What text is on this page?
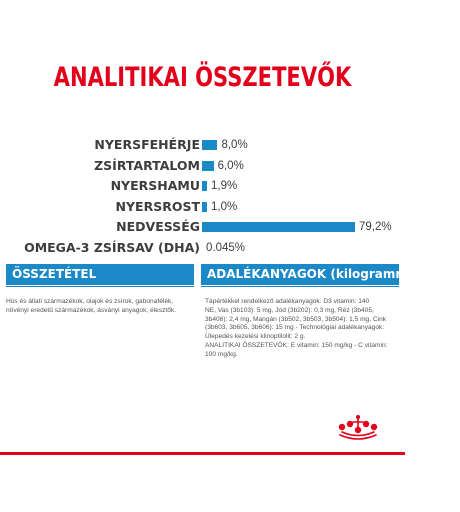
ANALITIKAI ÖSSZETEVŐK
NYERSFEHÉRJE 8,0%
ZSÍRTARTALOM 6,0%
NYERSHAMU 1,9%
NYERSROST 1,0%
NEDVESSÉG	79,2%
OMEGA-3 ZSÍRSAV (DHA) 0.045%
ÖSSZETÉTEL	ADALÉKANYAGOK (kilogrammonként)
Hús és állati származékok, olajok és zsírok, gabonafélék,
növényi eredetű származékok, ásványi anyagok, élesztők.
Tápértékkel rendelkező adalékanyagok: D3 vitamin: 140
NE, Vas (3b103): 5 mg, Jód (3b202): 0,3 mg, Réz (3b405,
3b406): 2,4 mg, Mangán (3b502, 3b503, 3b504): 1,5 mg, Cink
(3b603, 3b605, 3b606): 15 mg - Technológiai adalékanyagok:
Ülepedés kezelési klinoptilolit: 2 g.
ANALITIKAI ÖSSZETEVŐK: E vitamin: 150 mg/kg - C vitamin:
100 mg/kg.
